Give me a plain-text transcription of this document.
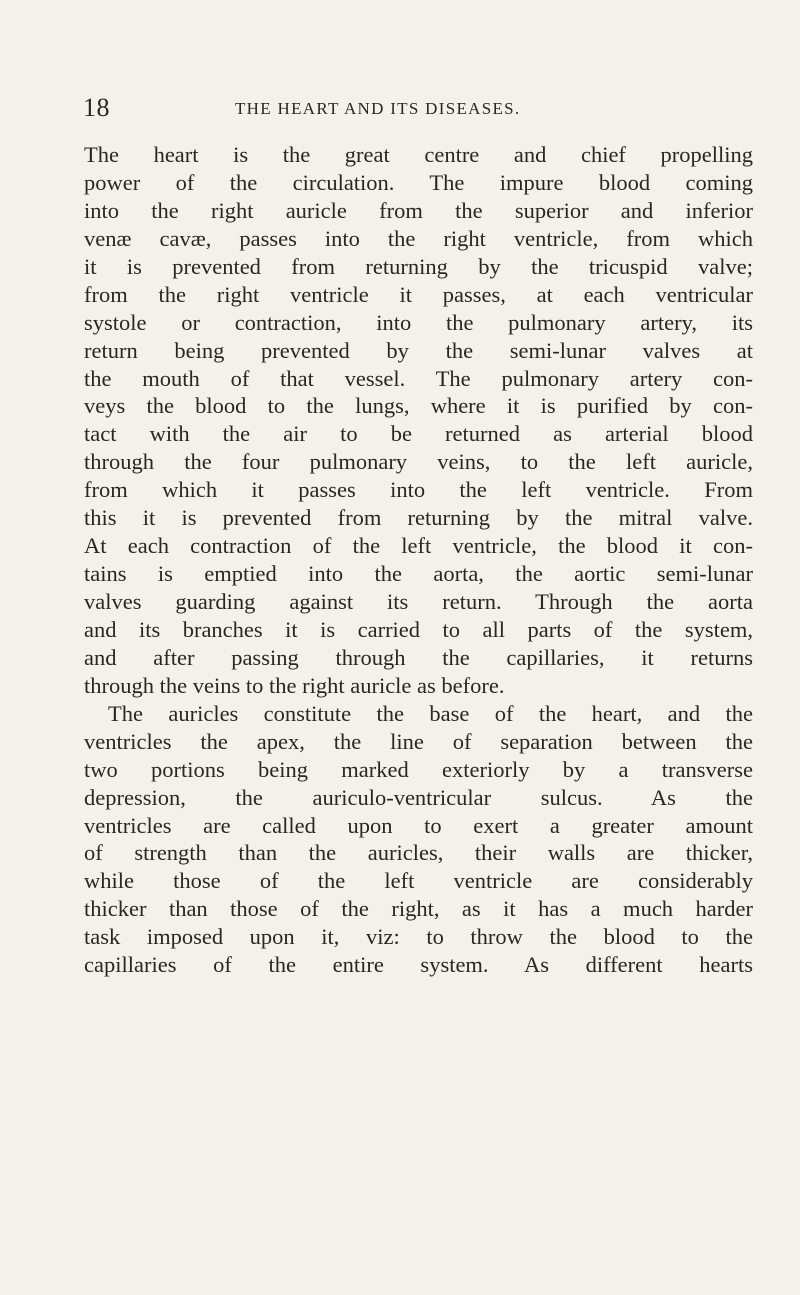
18	THE HEART AND ITS DISEASES.
The heart is the great centre and chief propelling
power of the circulation. The impure blood coming
into the right auricle from the superior and inferior
venæ cavæ, passes into the right ventricle, from which
it is prevented from returning by the tricuspid valve;
from the right ventricle it passes, at each ventricular
systole or contraction, into the pulmonary artery, its
return being prevented by the semi-lunar valves at
the mouth of that vessel. The pulmonary artery con-
veys the blood to the lungs, where it is purified by con-
tact with the air to be returned as arterial blood
through the four pulmonary veins, to the left auricle,
from which it passes into the left ventricle. From
this it is prevented from returning by the mitral valve.
At each contraction of the left ventricle, the blood it con-
tains is emptied into the aorta, the aortic semi-lunar
valves guarding against its return. Through the aorta
and its branches it is carried to all parts of the system,
and after passing through the capillaries, it returns
through the veins to the right auricle as before.
The auricles constitute the base of the heart, and the
ventricles the apex, the line of separation between the
two portions being marked exteriorly by a transverse
depression, the auriculo-ventricular sulcus. As the
ventricles are called upon to exert a greater amount
of strength than the auricles, their walls are thicker,
while those of the left ventricle are considerably
thicker than those of the right, as it has a much harder
task imposed upon it, viz: to throw the blood to the
capillaries of the entire system. As different hearts
